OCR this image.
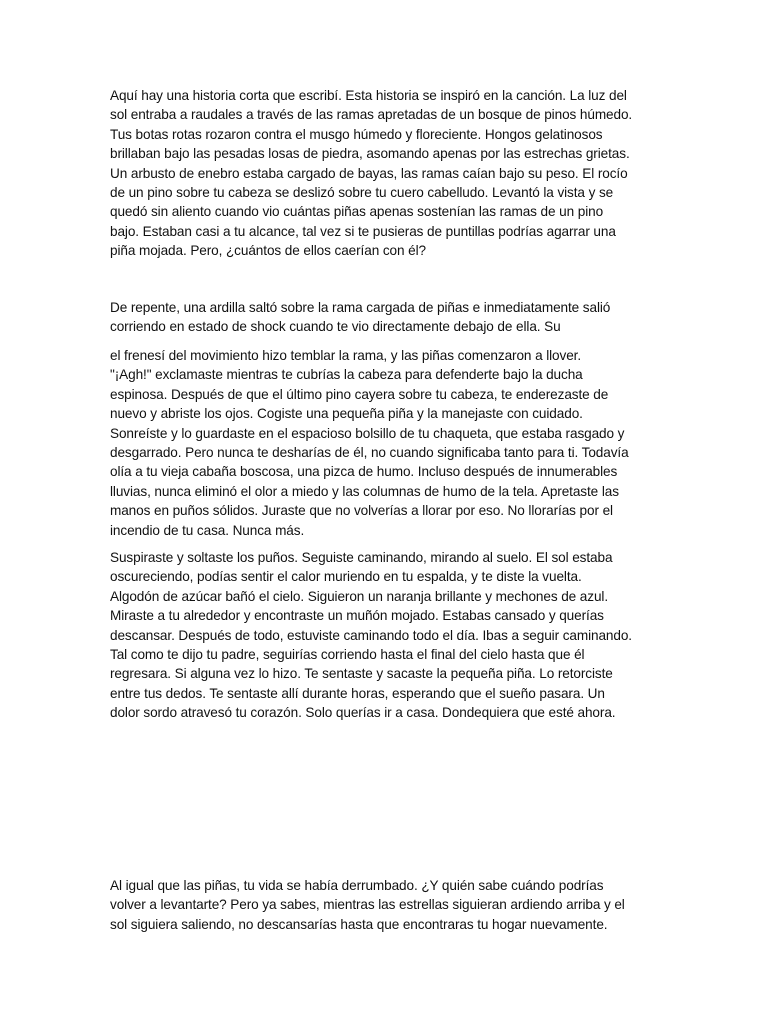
Aquí hay una historia corta que escribí. Esta historia se inspiró en la canción. La luz del
sol entraba a raudales a través de las ramas apretadas de un bosque de pinos húmedo.
Tus botas rotas rozaron contra el musgo húmedo y floreciente. Hongos gelatinosos
brillaban bajo las pesadas losas de piedra, asomando apenas por las estrechas grietas.
Un arbusto de enebro estaba cargado de bayas, las ramas caían bajo su peso. El rocío
de un pino sobre tu cabeza se deslizó sobre tu cuero cabelludo. Levantó la vista y se
quedó sin aliento cuando vio cuántas piñas apenas sostenían las ramas de un pino
bajo. Estaban casi a tu alcance, tal vez si te pusieras de puntillas podrías agarrar una
piña mojada. Pero, ¿cuántos de ellos caerían con él?

De repente, una ardilla saltó sobre la rama cargada de piñas e inmediatamente salió
corriendo en estado de shock cuando te vio directamente debajo de ella. Su

el frenesí del movimiento hizo temblar la rama, y las piñas comenzaron a llover.
"¡Agh!" exclamaste mientras te cubrías la cabeza para defenderte bajo la ducha
espinosa. Después de que el último pino cayera sobre tu cabeza, te enderezaste de
nuevo y abriste los ojos. Cogiste una pequeña piña y la manejaste con cuidado.
Sonreíste y lo guardaste en el espacioso bolsillo de tu chaqueta, que estaba rasgado y
desgarrado. Pero nunca te desharías de él, no cuando significaba tanto para ti. Todavía
olía a tu vieja cabaña boscosa, una pizca de humo. Incluso después de innumerables
lluvias, nunca eliminó el olor a miedo y las columnas de humo de la tela. Apretaste las
manos en puños sólidos. Juraste que no volverías a llorar por eso. No llorarías por el
incendio de tu casa. Nunca más.

Suspiraste y soltaste los puños. Seguiste caminando, mirando al suelo. El sol estaba
oscureciendo, podías sentir el calor muriendo en tu espalda, y te diste la vuelta.
Algodón de azúcar bañó el cielo. Siguieron un naranja brillante y mechones de azul.
Miraste a tu alrededor y encontraste un muñón mojado. Estabas cansado y querías
descansar. Después de todo, estuviste caminando todo el día. Ibas a seguir caminando.
Tal como te dijo tu padre, seguirías corriendo hasta el final del cielo hasta que él
regresara. Si alguna vez lo hizo. Te sentaste y sacaste la pequeña piña. Lo retorciste
entre tus dedos. Te sentaste allí durante horas, esperando que el sueño pasara. Un
dolor sordo atravesó tu corazón. Solo querías ir a casa. Dondequiera que esté ahora.

Al igual que las piñas, tu vida se había derrumbado. ¿Y quién sabe cuándo podrías
volver a levantarte? Pero ya sabes, mientras las estrellas siguieran ardiendo arriba y el
sol siguiera saliendo, no descansarías hasta que encontraras tu hogar nuevamente.
